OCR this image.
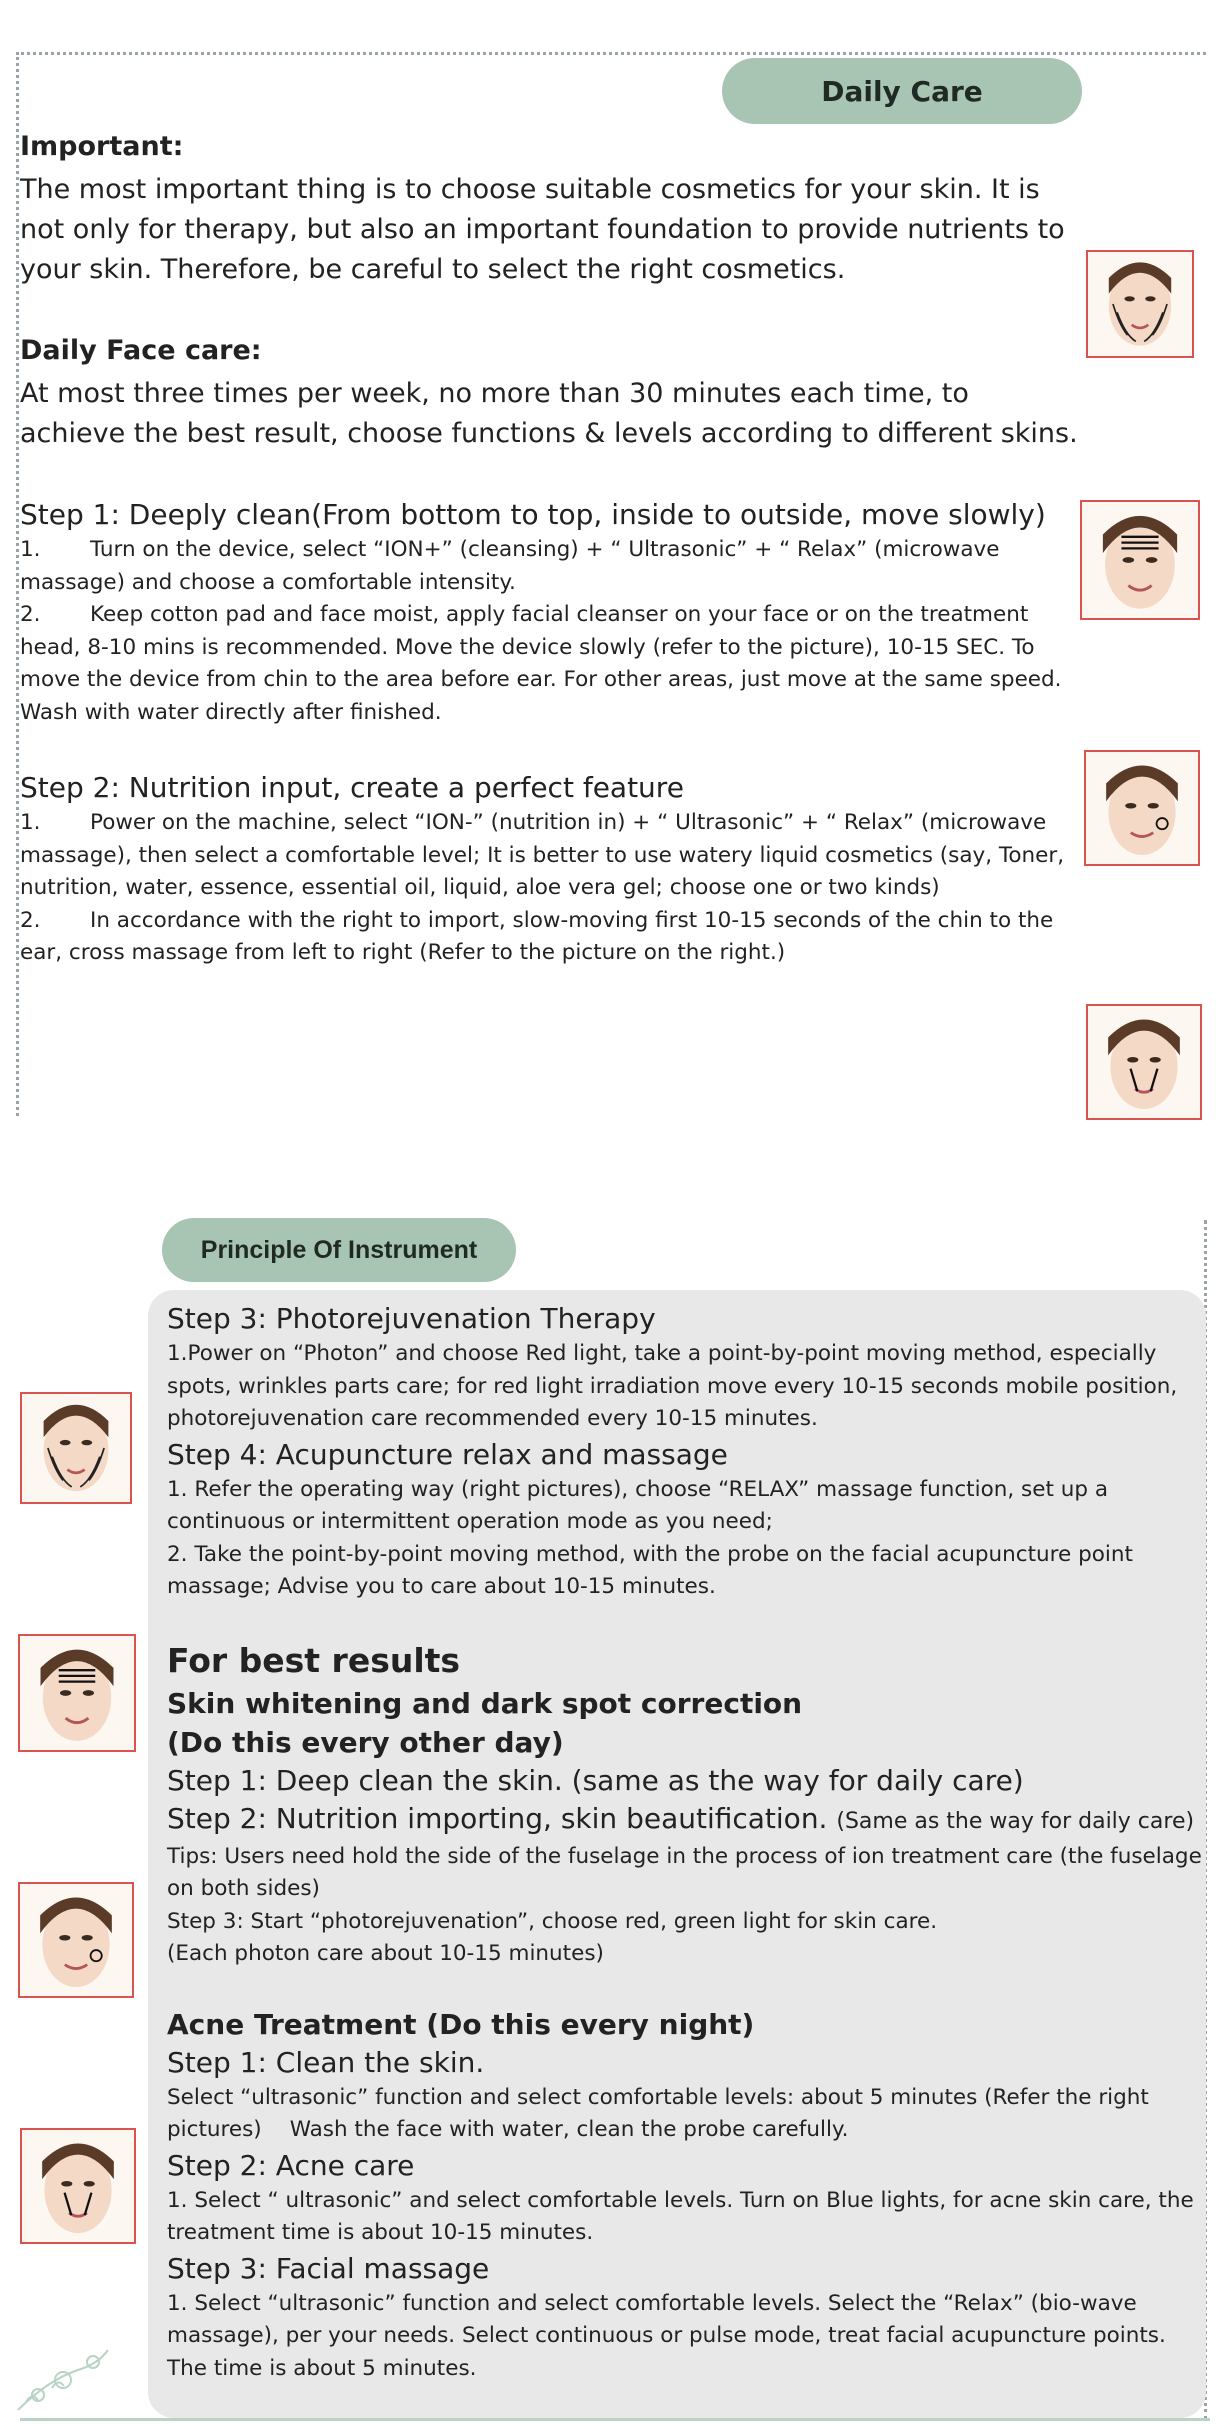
Daily Care

Important:

The most important thing is to choose suitable cosmetics for your skin. It is not only for therapy, but also an important foundation to provide nutrients to your skin. Therefore, be careful to select the right cosmetics.

Daily Face care:

At most three times per week, no more than 30 minutes each time, to achieve the best result, choose functions & levels according to different skins.

Step 1: Deeply clean(From bottom to top, inside to outside, move slowly)

1. Turn on the device, select “ION+” (cleansing) + “ Ultrasonic” + “ Relax” (microwave massage) and choose a comfortable intensity.

2. Keep cotton pad and face moist, apply facial cleanser on your face or on the treatment head, 8-10 mins is recommended. Move the device slowly (refer to the picture), 10-15 SEC. To move the device from chin to the area before ear. For other areas, just move at the same speed. Wash with water directly after finished.

Step 2: Nutrition input, create a perfect feature

1. Power on the machine, select “ION-” (nutrition in) + “ Ultrasonic” + “ Relax” (microwave massage), then select a comfortable level; It is better to use watery liquid cosmetics (say, Toner, nutrition, water, essence, essential oil, liquid, aloe vera gel; choose one or two kinds)

2. In accordance with the right to import, slow-moving first 10-15 seconds of the chin to the ear, cross massage from left to right (Refer to the picture on the right.)

Principle Of Instrument

Step 3: Photorejuvenation Therapy

1.Power on “Photon” and choose Red light, take a point-by-point moving method, especially spots, wrinkles parts care; for red light irradiation move every 10-15 seconds mobile position, photorejuvenation care recommended every 10-15 minutes.

Step 4: Acupuncture relax and massage

1. Refer the operating way (right pictures), choose “RELAX” massage function, set up a continuous or intermittent operation mode as you need;

2. Take the point-by-point moving method, with the probe on the facial acupuncture point massage; Advise you to care about 10-15 minutes.

For best results

Skin whitening and dark spot correction

(Do this every other day)

Step 1: Deep clean the skin. (same as the way for daily care)

Step 2: Nutrition importing, skin beautification. (Same as the way for daily care)

Tips: Users need hold the side of the fuselage in the process of ion treatment care (the fuselage on both sides)

Step 3: Start “photorejuvenation”, choose red, green light for skin care.

(Each photon care about 10-15 minutes)

Acne Treatment (Do this every night)

Step 1: Clean the skin.

Select “ultrasonic” function and select comfortable levels: about 5 minutes (Refer the right pictures) Wash the face with water, clean the probe carefully.

Step 2: Acne care

1. Select “ ultrasonic” and select comfortable levels. Turn on Blue lights, for acne skin care, the treatment time is about 10-15 minutes.

Step 3: Facial massage

1. Select “ultrasonic” function and select comfortable levels. Select the “Relax” (bio-wave massage), per your needs. Select continuous or pulse mode, treat facial acupuncture points.The time is about 5 minutes.
